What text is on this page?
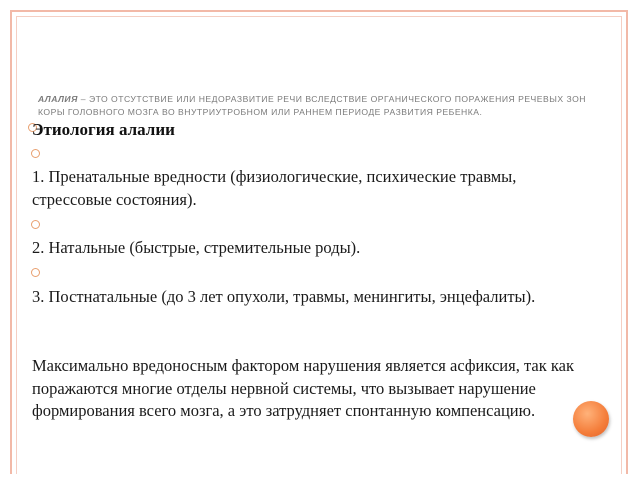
АЛАЛИЯ – ЭТО ОТСУТСТВИЕ ИЛИ НЕДОРАЗВИТИЕ РЕЧИ ВСЛЕДСТВИЕ ОРГАНИЧЕСКОГО ПОРАЖЕНИЯ РЕЧЕВЫХ ЗОН КОРЫ ГОЛОВНОГО МОЗГА ВО ВНУТРИУТРОБНОМ ИЛИ РАННЕМ ПЕРИОДЕ РАЗВИТИЯ РЕБЕНКА.
Этиология алалии
1. Пренатальные вредности (физиологические, психические травмы, стрессовые состояния).
2. Натальные (быстрые, стремительные роды).
3. Постнатальные (до 3 лет опухоли, травмы, менингиты, энцефалиты).
Максимально вредоносным фактором нарушения является асфиксия, так как поражаются многие отделы нервной системы, что вызывает нарушение формирования всего мозга, а это затрудняет спонтанную компенсацию.
